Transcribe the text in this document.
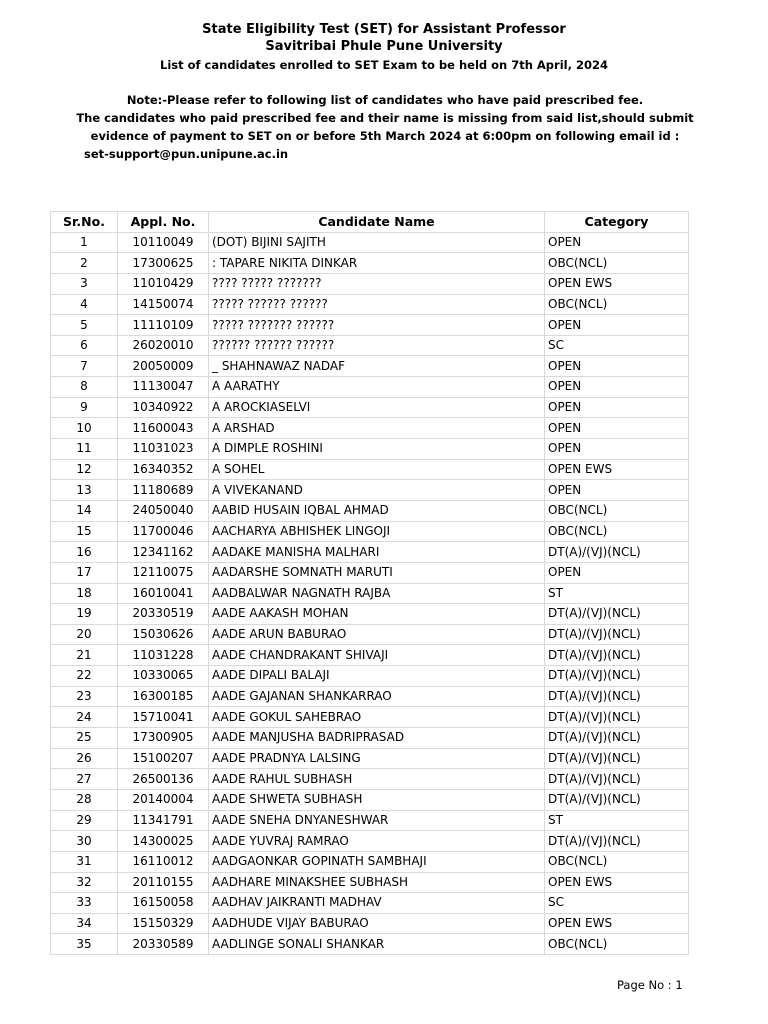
State Eligibility Test (SET) for Assistant Professor
Savitribai Phule Pune University
List of candidates enrolled to SET Exam to be held on 7th April, 2024
Note:-Please refer to following list of candidates who have paid prescribed fee.
The candidates who paid prescribed fee and their name is missing from said list,should submit
evidence of payment to SET on or before 5th March 2024 at 6:00pm on following email id :
set-support@pun.unipune.ac.in
Sr.No.	Appl. No.	Candidate Name	Category
1	10110049	(DOT) BIJINI SAJITH	OPEN
2	17300625	: TAPARE NIKITA DINKAR	OBC(NCL)
3	11010429	???? ????? ???????	OPEN EWS
4	14150074	????? ?????? ??????	OBC(NCL)
5	11110109	????? ??????? ??????	OPEN
6	26020010	?????? ?????? ??????	SC
7	20050009	_ SHAHNAWAZ NADAF	OPEN
8	11130047	A AARATHY	OPEN
9	10340922	A AROCKIASELVI	OPEN
10	11600043	A ARSHAD	OPEN
11	11031023	A DIMPLE ROSHINI	OPEN
12	16340352	A SOHEL	OPEN EWS
13	11180689	A VIVEKANAND	OPEN
14	24050040	AABID HUSAIN IQBAL AHMAD	OBC(NCL)
15	11700046	AACHARYA ABHISHEK LINGOJI	OBC(NCL)
16	12341162	AADAKE MANISHA MALHARI	DT(A)/(VJ)(NCL)
17	12110075	AADARSHE SOMNATH MARUTI	OPEN
18	16010041	AADBALWAR NAGNATH RAJBA	ST
19	20330519	AADE AAKASH MOHAN	DT(A)/(VJ)(NCL)
20	15030626	AADE ARUN BABURAO	DT(A)/(VJ)(NCL)
21	11031228	AADE CHANDRAKANT SHIVAJI	DT(A)/(VJ)(NCL)
22	10330065	AADE DIPALI BALAJI	DT(A)/(VJ)(NCL)
23	16300185	AADE GAJANAN SHANKARRAO	DT(A)/(VJ)(NCL)
24	15710041	AADE GOKUL SAHEBRAO	DT(A)/(VJ)(NCL)
25	17300905	AADE MANJUSHA BADRIPRASAD	DT(A)/(VJ)(NCL)
26	15100207	AADE PRADNYA LALSING	DT(A)/(VJ)(NCL)
27	26500136	AADE RAHUL SUBHASH	DT(A)/(VJ)(NCL)
28	20140004	AADE SHWETA SUBHASH	DT(A)/(VJ)(NCL)
29	11341791	AADE SNEHA DNYANESHWAR	ST
30	14300025	AADE YUVRAJ RAMRAO	DT(A)/(VJ)(NCL)
31	16110012	AADGAONKAR GOPINATH SAMBHAJI	OBC(NCL)
32	20110155	AADHARE MINAKSHEE SUBHASH	OPEN EWS
33	16150058	AADHAV JAIKRANTI MADHAV	SC
34	15150329	AADHUDE VIJAY BABURAO	OPEN EWS
35	20330589	AADLINGE SONALI SHANKAR	OBC(NCL)
Page No : 1
